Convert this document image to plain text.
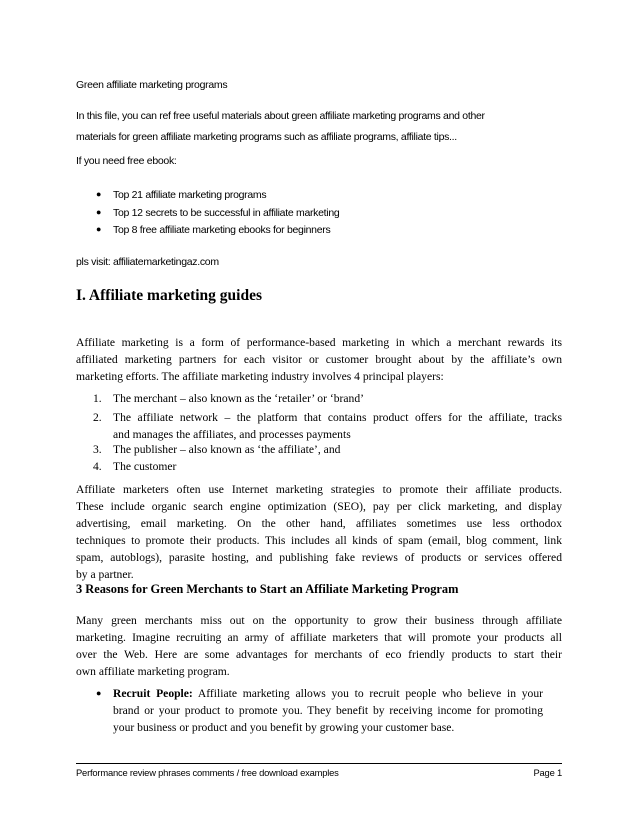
Green affiliate marketing programs

In this file, you can ref free useful materials about green affiliate marketing programs and other
materials for green affiliate marketing programs such as affiliate programs, affiliate tips...

If you need free ebook:

● Top 21 affiliate marketing programs
● Top 12 secrets to be successful in affiliate marketing
● Top 8 free affiliate marketing ebooks for beginners

pls visit: affiliatemarketingaz.com

I. Affiliate marketing guides

Affiliate marketing is a form of performance-based marketing in which a merchant rewards its
affiliated marketing partners for each visitor or customer brought about by the affiliate’s own
marketing efforts. The affiliate marketing industry involves 4 principal players:

1. The merchant – also known as the ‘retailer’ or ‘brand’
2. The affiliate network – the platform that contains product offers for the affiliate, tracks
and manages the affiliates, and processes payments
3. The publisher – also known as ‘the affiliate’, and
4. The customer

Affiliate marketers often use Internet marketing strategies to promote their affiliate products.
These include organic search engine optimization (SEO), pay per click marketing, and display
advertising, email marketing. On the other hand, affiliates sometimes use less orthodox
techniques to promote their products. This includes all kinds of spam (email, blog comment, link
spam, autoblogs), parasite hosting, and publishing fake reviews of products or services offered
by a partner.

3 Reasons for Green Merchants to Start an Affiliate Marketing Program

Many green merchants miss out on the opportunity to grow their business through affiliate
marketing. Imagine recruiting an army of affiliate marketers that will promote your products all
over the Web. Here are some advantages for merchants of eco friendly products to start their
own affiliate marketing program.

● Recruit People: Affiliate marketing allows you to recruit people who believe in your
brand or your product to promote you. They benefit by receiving income for promoting
your business or product and you benefit by growing your customer base.
Performance review phrases comments / free download examples	Page 1
